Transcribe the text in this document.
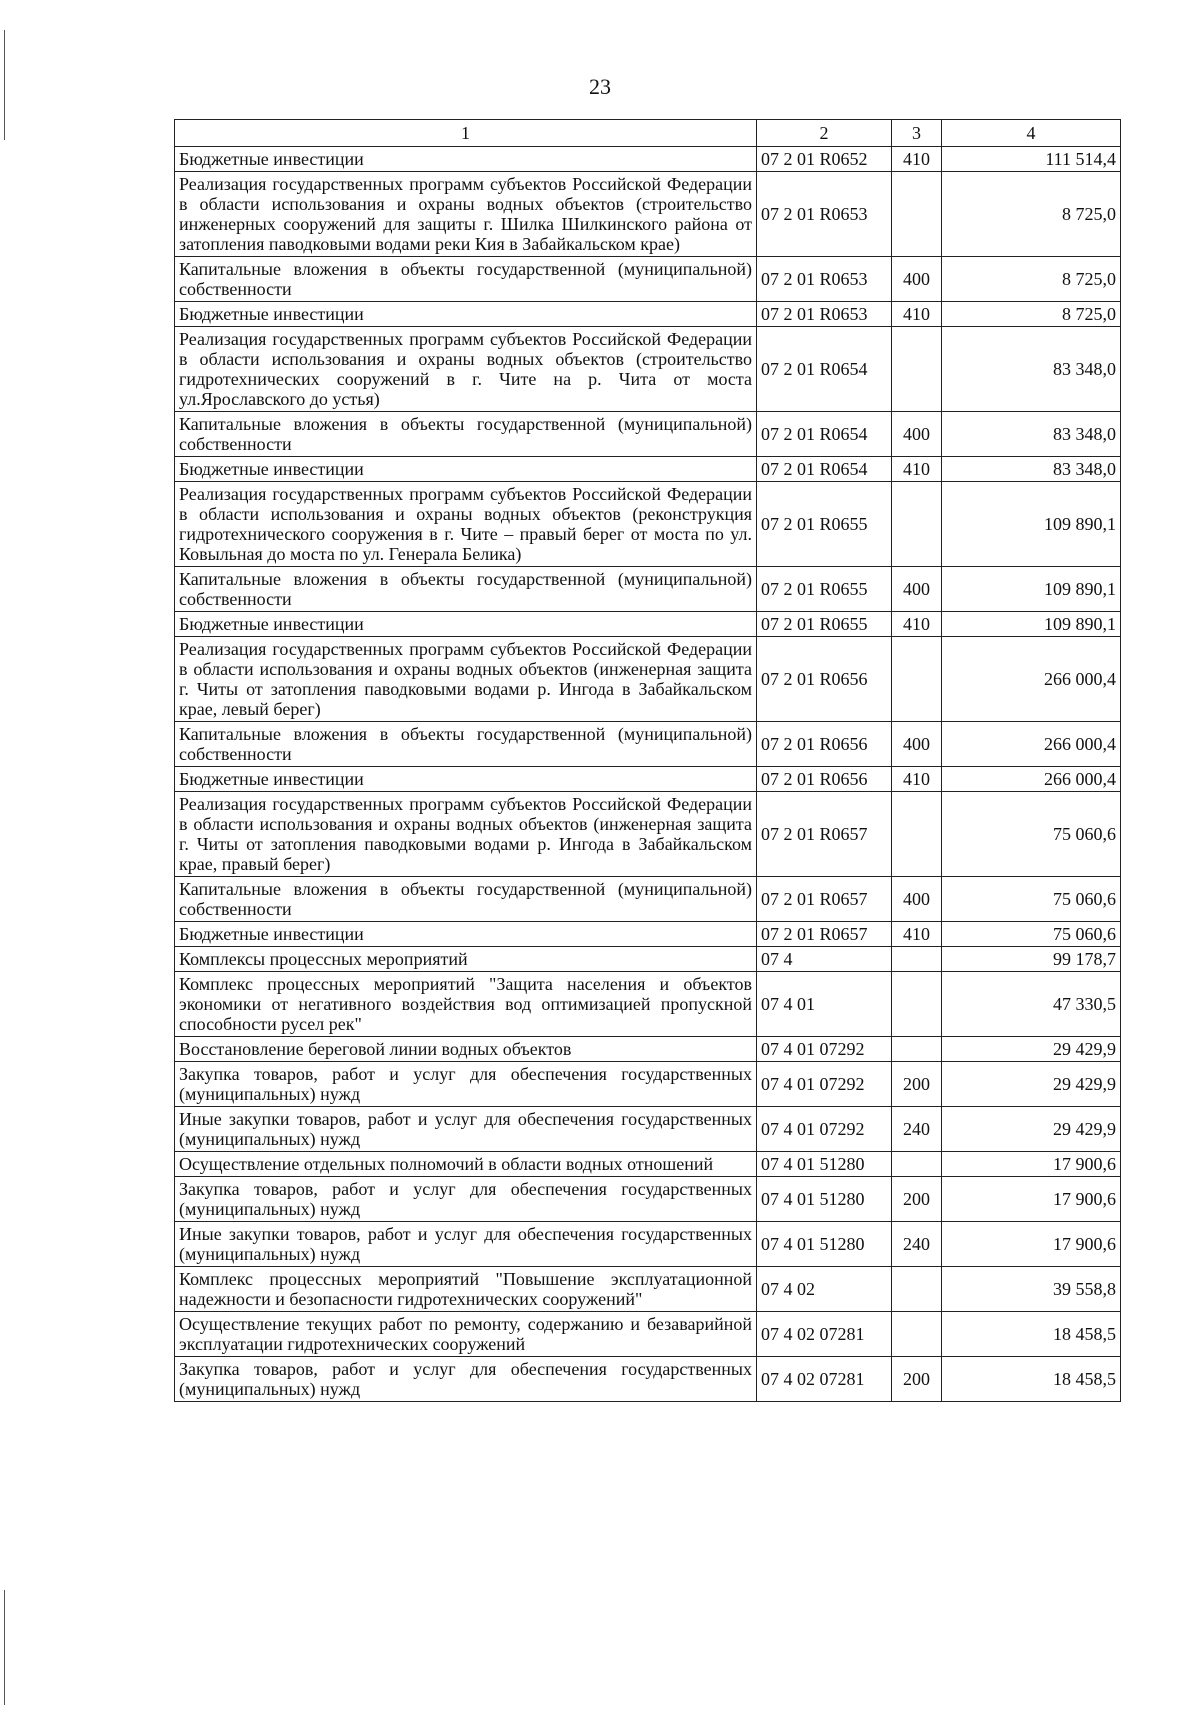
23
1	2	3	4
Бюджетные инвестиции	07 2 01 R0652	410	111 514,4
Реализация государственных программ субъектов Российской Федерации в области использования и охраны водных объектов (строительство инженерных сооружений для защиты г. Шилка Шилкинского района от затопления паводковыми водами реки Кия в Забайкальском крае)	07 2 01 R0653		8 725,0
Капитальные вложения в объекты государственной (муниципальной) собственности	07 2 01 R0653	400	8 725,0
Бюджетные инвестиции	07 2 01 R0653	410	8 725,0
Реализация государственных программ субъектов Российской Федерации в области использования и охраны водных объектов (строительство гидротехнических сооружений в г. Чите на р. Чита от моста ул.Ярославского до устья)	07 2 01 R0654		83 348,0
Капитальные вложения в объекты государственной (муниципальной) собственности	07 2 01 R0654	400	83 348,0
Бюджетные инвестиции	07 2 01 R0654	410	83 348,0
Реализация государственных программ субъектов Российской Федерации в области использования и охраны водных объектов (реконструкция гидротехнического сооружения в г. Чите – правый берег от моста по ул. Ковыльная до моста по ул. Генерала Белика)	07 2 01 R0655		109 890,1
Капитальные вложения в объекты государственной (муниципальной) собственности	07 2 01 R0655	400	109 890,1
Бюджетные инвестиции	07 2 01 R0655	410	109 890,1
Реализация государственных программ субъектов Российской Федерации в области использования и охраны водных объектов (инженерная защита г. Читы от затопления паводковыми водами р. Ингода в Забайкальском крае, левый берег)	07 2 01 R0656		266 000,4
Капитальные вложения в объекты государственной (муниципальной) собственности	07 2 01 R0656	400	266 000,4
Бюджетные инвестиции	07 2 01 R0656	410	266 000,4
Реализация государственных программ субъектов Российской Федерации в области использования и охраны водных объектов (инженерная защита г. Читы от затопления паводковыми водами р. Ингода в Забайкальском крае, правый берег)	07 2 01 R0657		75 060,6
Капитальные вложения в объекты государственной (муниципальной) собственности	07 2 01 R0657	400	75 060,6
Бюджетные инвестиции	07 2 01 R0657	410	75 060,6
Комплексы процессных мероприятий	07 4		99 178,7
Комплекс процессных мероприятий "Защита населения и объектов экономики от негативного воздействия вод оптимизацией пропускной способности русел рек"	07 4 01		47 330,5
Восстановление береговой линии водных объектов	07 4 01 07292		29 429,9
Закупка товаров, работ и услуг для обеспечения государственных (муниципальных) нужд	07 4 01 07292	200	29 429,9
Иные закупки товаров, работ и услуг для обеспечения государственных (муниципальных) нужд	07 4 01 07292	240	29 429,9
Осуществление отдельных полномочий в области водных отношений	07 4 01 51280		17 900,6
Закупка товаров, работ и услуг для обеспечения государственных (муниципальных) нужд	07 4 01 51280	200	17 900,6
Иные закупки товаров, работ и услуг для обеспечения государственных (муниципальных) нужд	07 4 01 51280	240	17 900,6
Комплекс процессных мероприятий "Повышение эксплуатационной надежности и безопасности гидротехнических сооружений"	07 4 02		39 558,8
Осуществление текущих работ по ремонту, содержанию и безаварийной эксплуатации гидротехнических сооружений	07 4 02 07281		18 458,5
Закупка товаров, работ и услуг для обеспечения государственных (муниципальных) нужд	07 4 02 07281	200	18 458,5
